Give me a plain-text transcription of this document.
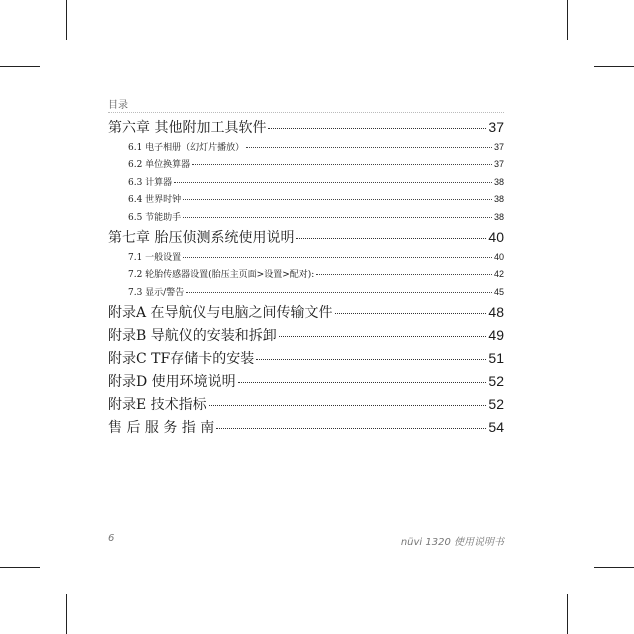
目录
第六章 其他附加工具软件	37
6.1 电子相册（幻灯片播放）	37
6.2 单位换算器	37
6.3 计算器	38
6.4 世界时钟	38
6.5 节能助手	38
第七章 胎压侦测系统使用说明	40
7.1 一般设置	40
7.2 轮胎传感器设置(胎压主页面>设置>配对):	42
7.3 显示/警告	45
附录A 在导航仪与电脑之间传输文件	48
附录B 导航仪的安装和拆卸	49
附录C TF存储卡的安装	51
附录D 使用环境说明	52
附录E 技术指标	52
售 后 服 务 指 南	54
6	nüvi 1320 使用说明书
